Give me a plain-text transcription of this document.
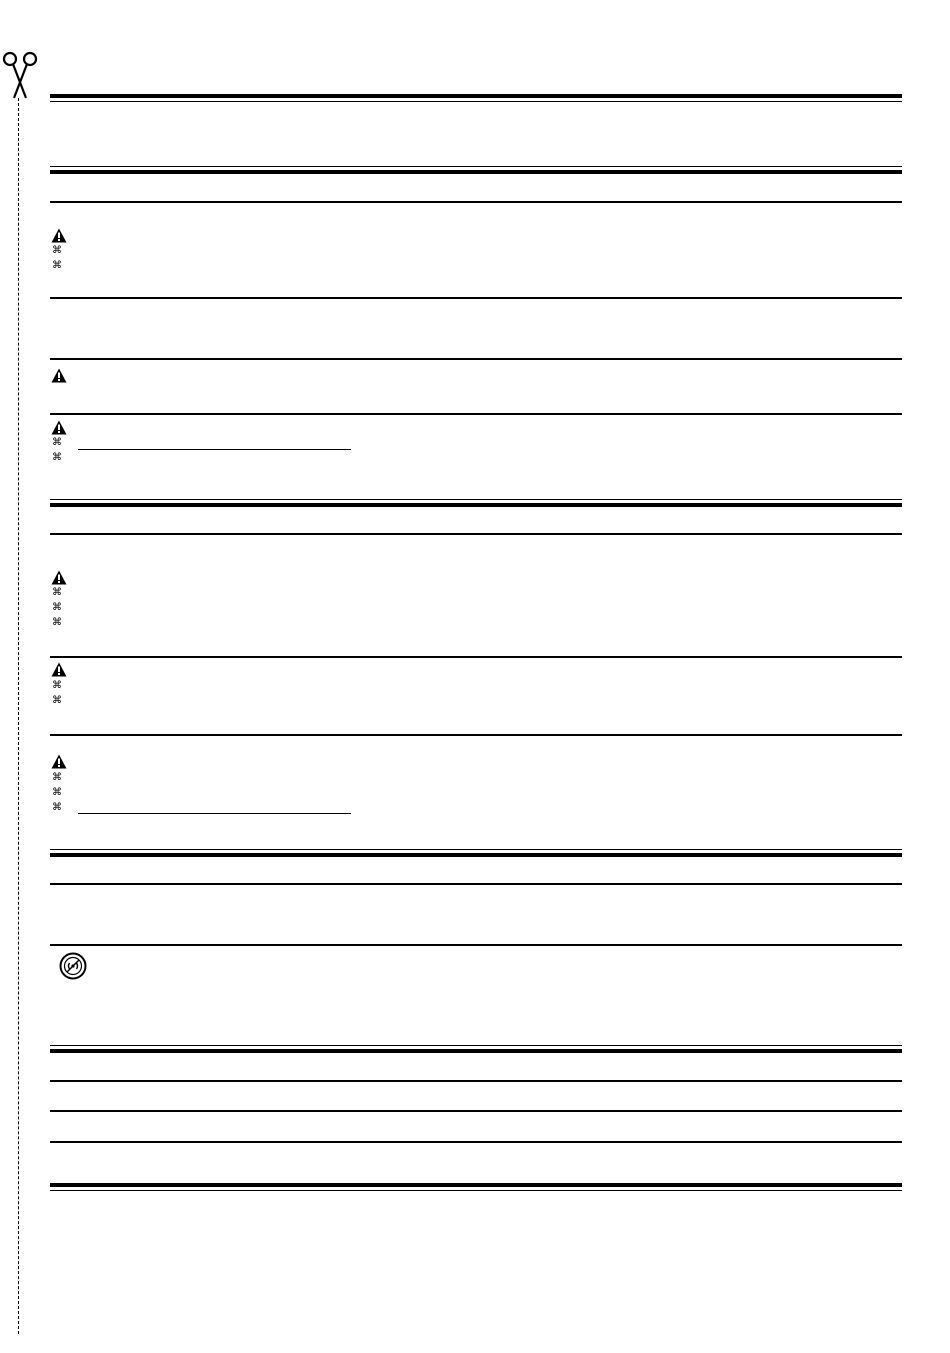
⌘
⌘
⌘
⌘
⌘
⌘
⌘
⌘
⌘
⌘
⌘
⌘
